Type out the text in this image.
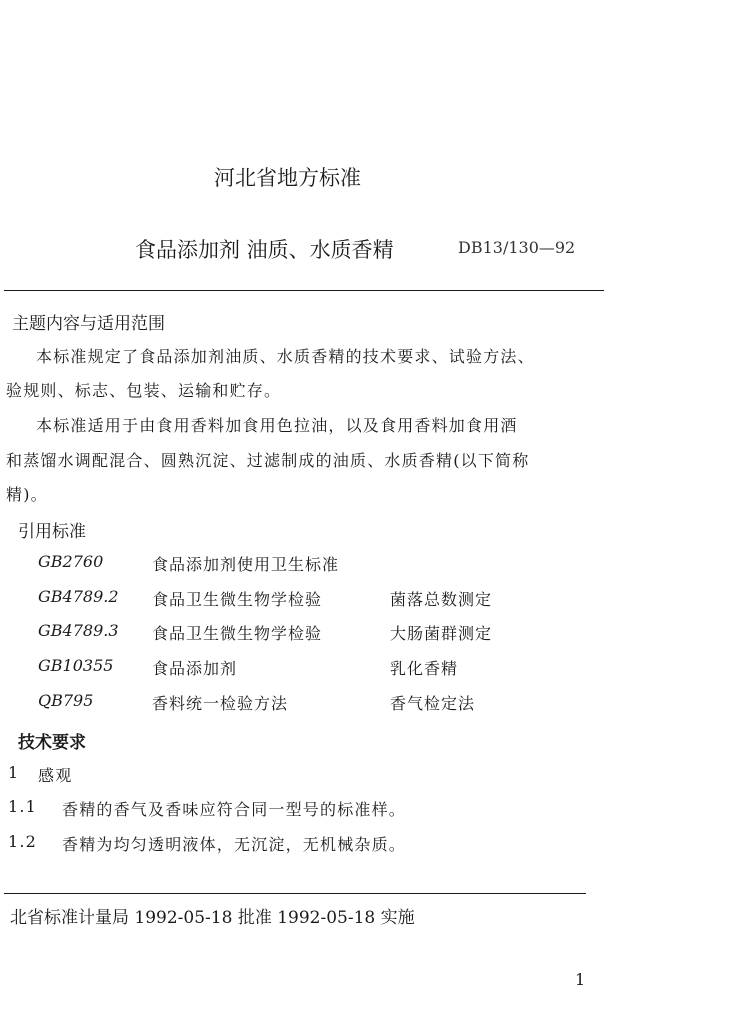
河北省地方标准
食品添加剂 油质、水质香精	DB13/130—92
主题内容与适用范围
本标准规定了食品添加剂油质、水质香精的技术要求、试验方法、
验规则、标志、包装、运输和贮存。
本标准适用于由食用香料加食用色拉油，以及食用香料加食用酒
和蒸馏水调配混合、圆熟沉淀、过滤制成的油质、水质香精(以下简称
精)。
引用标准
GB2760	食品添加剂使用卫生标准
GB4789.2 食品卫生微生物学检验	菌落总数测定
GB4789.3 食品卫生微生物学检验	大肠菌群测定
GB10355 食品添加剂	乳化香精
QB795	香料统一检验方法	香气检定法
技术要求
1 感观
1.1 香精的香气及香味应符合同一型号的标准样。
1.2 香精为均匀透明液体，无沉淀，无机械杂质。
北省标准计量局 1992-05-18 批准 1992-05-18 实施
1
